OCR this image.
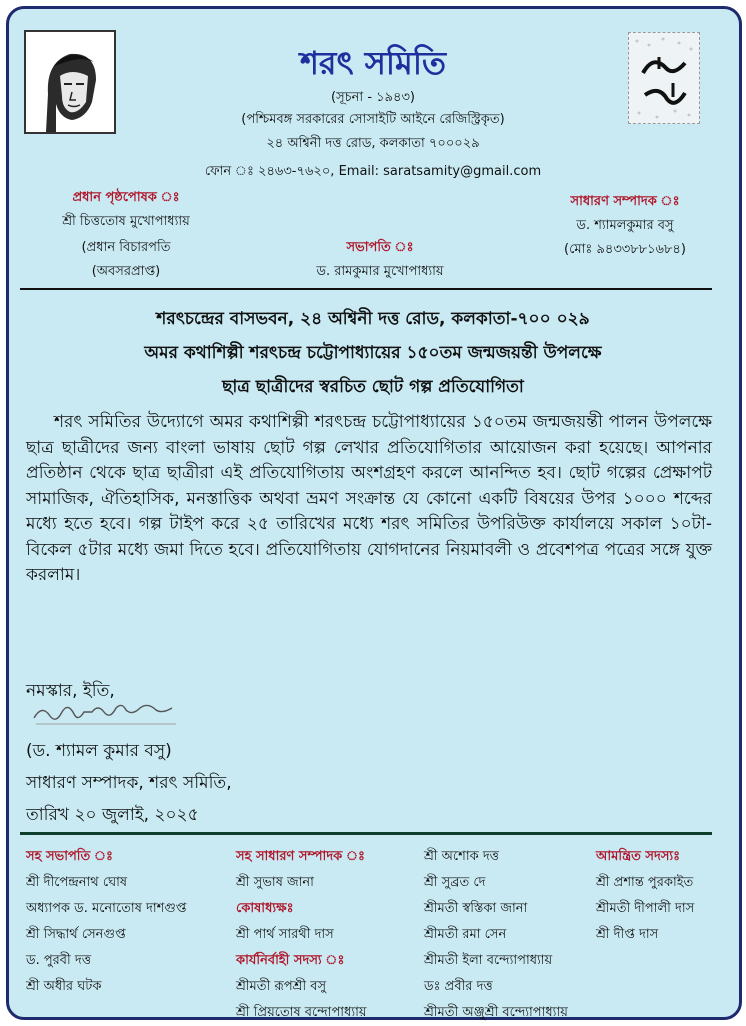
শরৎ সমিতি
(সূচনা - ১৯৪৩)
(পশ্চিমবঙ্গ সরকারের সোসাইটি আইনে রেজিস্ট্রিকৃত)
২৪ অশ্বিনী দত্ত রোড, কলকাতা ৭০০০২৯
ফোন ঃ ২৪৬৩-৭৬২০, Email: saratsamity@gmail.com
প্রধান পৃষ্ঠপোষক ঃ
শ্রী চিত্ততোষ মুখোপাধ্যায়
(প্রধান বিচারপতি
(অবসরপ্রাপ্ত)
সভাপতি ঃ
ড. রামকুমার মুখোপাধ্যায়
সাধারণ সম্পাদক ঃ
ড. শ্যামলকুমার বসু
(মোঃ ৯৪৩৩৮৮১৬৮৪)
শরৎচন্দ্রের বাসভবন, ২৪ অশ্বিনী দত্ত রোড, কলকাতা-৭০০ ০২৯
অমর কথাশিল্পী শরৎচন্দ্র চট্টোপাধ্যায়ের ১৫০তম জন্মজয়ন্তী উপলক্ষে
ছাত্র ছাত্রীদের স্বরচিত ছোট গল্প প্রতিযোগিতা
শরৎ সমিতির উদ্যোগে অমর কথাশিল্পী শরৎচন্দ্র চট্টোপাধ্যায়ের ১৫০তম জন্মজয়ন্তী পালন উপলক্ষে ছাত্র ছাত্রীদের জন্য বাংলা ভাষায় ছোট গল্প লেখার প্রতিযোগিতার আয়োজন করা হয়েছে। আপনার প্রতিষ্ঠান থেকে ছাত্র ছাত্রীরা এই প্রতিযোগিতায় অংশগ্রহণ করলে আনন্দিত হব। ছোট গল্পের প্রেক্ষাপট সামাজিক, ঐতিহাসিক, মনস্তাত্তিক অথবা ভ্রমণ সংক্রান্ত যে কোনো একটি বিষয়ের উপর ১০০০ শব্দের মধ্যে হতে হবে। গল্প টাইপ করে ২৫ তারিখের মধ্যে শরৎ সমিতির উপরিউক্ত কার্যালয়ে সকাল ১০টা-বিকেল ৫টার মধ্যে জমা দিতে হবে। প্রতিযোগিতায় যোগদানের নিয়মাবলী ও প্রবেশপত্র পত্রের সঙ্গে যুক্ত করলাম।
নমস্কার, ইতি,
(ড. শ্যামল কুমার বসু)
সাধারণ সম্পাদক, শরৎ সমিতি,
তারিখ ২০ জুলাই, ২০২৫
সহ সভাপতি ঃ
শ্রী দীপেন্দ্রনাথ ঘোষ
অধ্যাপক ড. মনোতোষ দাশগুপ্ত
শ্রী সিদ্ধার্থ সেনগুপ্ত
ড. পুরবী দত্ত
শ্রী অধীর ঘটক
সহ সাধারণ সম্পাদক ঃ
শ্রী সুভাষ জানা
কোষাধ্যক্ষঃ
শ্রী পার্থ সারথী দাস
কার্যনির্বাহী সদস্য ঃ
শ্রীমতী রূপশ্রী বসু
শ্রী প্রিয়তোষ বন্দোপাধ্যায়
শ্রী অশোক দত্ত
শ্রী সুব্রত দে
শ্রীমতী স্বস্তিকা জানা
শ্রীমতী রমা সেন
শ্রীমতী ইলা বন্দ্যোপাধ্যায়
ডঃ প্রবীর দত্ত
শ্রীমতী অঞ্জুশ্রী বন্দ্যোপাধ্যায়
আমন্ত্রিত সদস্যঃ
শ্রী প্রশান্ত পুরকাইত
শ্রীমতী দীপালী দাস
শ্রী দীপ্ত দাস
